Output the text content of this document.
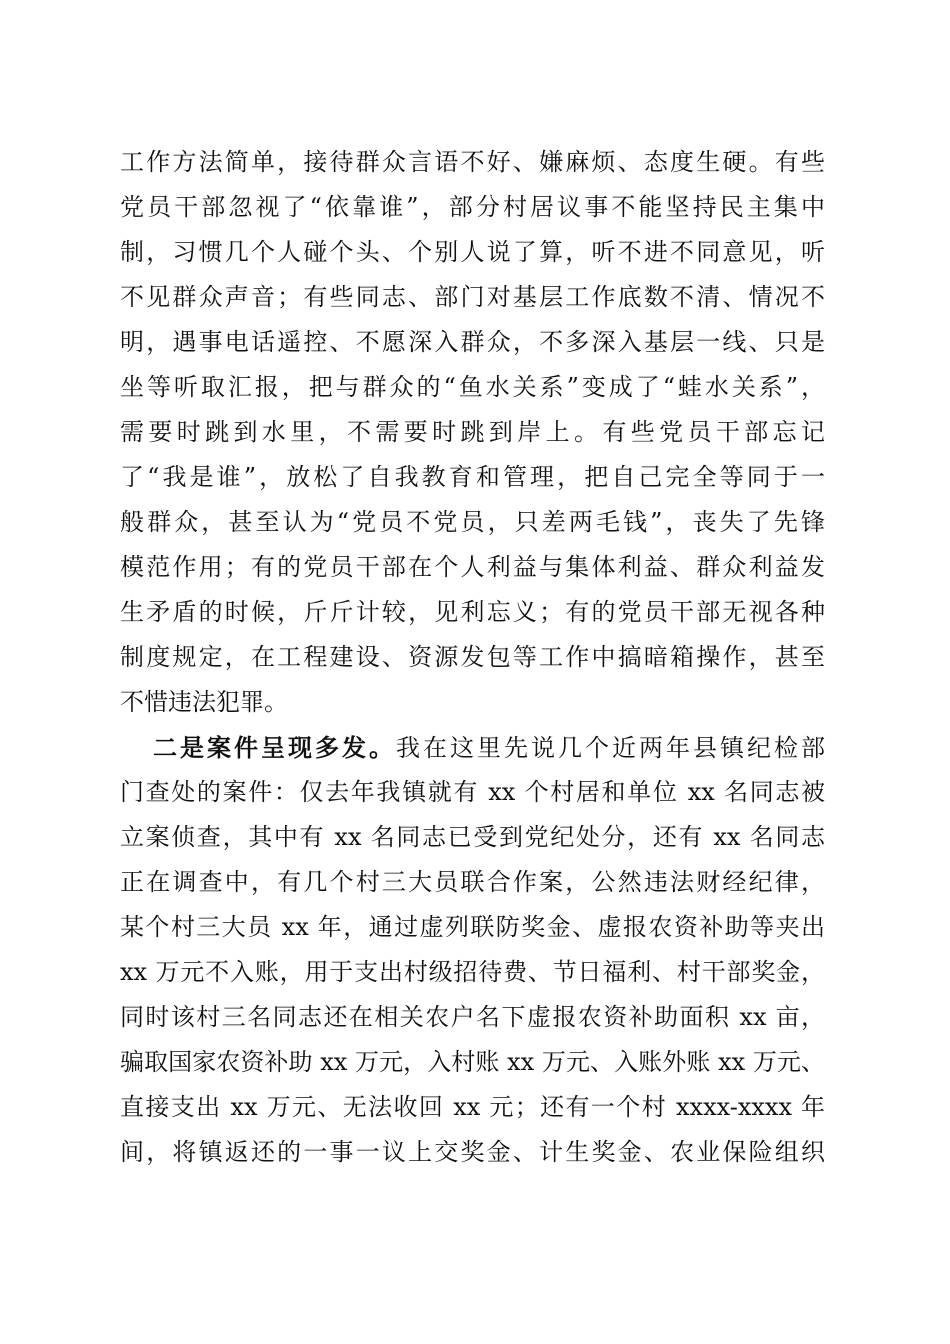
工作方法简单，接待群众言语不好、嫌麻烦、态度生硬。有些
党员干部忽视了“依靠谁”，部分村居议事不能坚持民主集中
制，习惯几个人碰个头、个别人说了算，听不进不同意见，听
不见群众声音；有些同志、部门对基层工作底数不清、情况不
明，遇事电话遥控、不愿深入群众，不多深入基层一线、只是
坐等听取汇报，把与群众的“鱼水关系”变成了“蛙水关系”，
需要时跳到水里，不需要时跳到岸上。有些党员干部忘记
了“我是谁”，放松了自我教育和管理，把自己完全等同于一
般群众，甚至认为“党员不党员，只差两毛钱”，丧失了先锋
模范作用；有的党员干部在个人利益与集体利益、群众利益发
生矛盾的时候，斤斤计较，见利忘义；有的党员干部无视各种
制度规定，在工程建设、资源发包等工作中搞暗箱操作，甚至
不惜违法犯罪。
二是案件呈现多发。我在这里先说几个近两年县镇纪检部
门查处的案件：仅去年我镇就有 xx 个村居和单位 xx 名同志被
立案侦查，其中有 xx 名同志已受到党纪处分，还有 xx 名同志
正在调查中，有几个村三大员联合作案，公然违法财经纪律，
某个村三大员 xx 年，通过虚列联防奖金、虚报农资补助等夹出
xx 万元不入账，用于支出村级招待费、节日福利、村干部奖金，
同时该村三名同志还在相关农户名下虚报农资补助面积 xx 亩，
骗取国家农资补助 xx 万元，入村账 xx 万元、入账外账 xx 万元、
直接支出 xx 万元、无法收回 xx 元；还有一个村 xxxx-xxxx 年
间，将镇返还的一事一议上交奖金、计生奖金、农业保险组织
